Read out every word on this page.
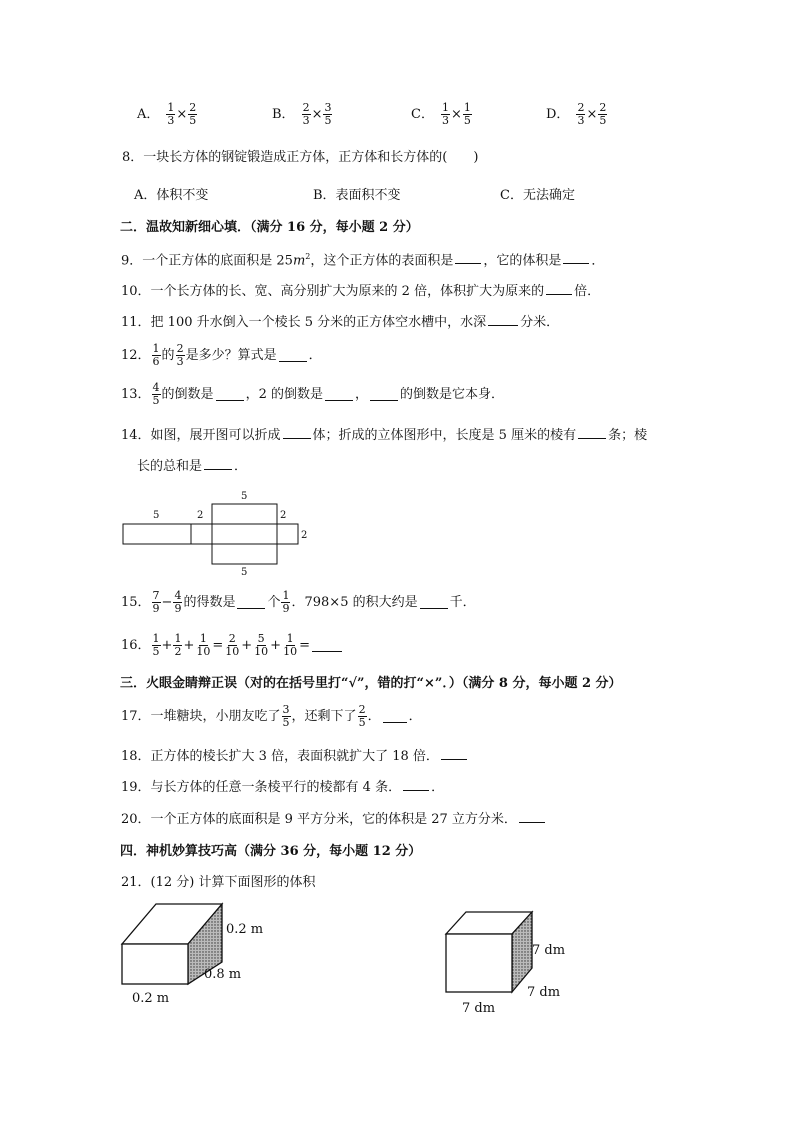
A． $\frac{1}{3} \times \frac{2}{5}$	B． $\frac{2}{3} \times \frac{3}{5}$	C． $\frac{1}{3} \times \frac{1}{5}$	D． $\frac{2}{3} \times \frac{2}{5}$
8．一块长方体的钢锭锻造成正方体，正方体和长方体的(　　)
A．体积不变	B．表面积不变	C．无法确定
二．温故知新细心填．（满分 16 分，每小题 2 分）
9．一个正方体的底面积是 $25m^2$，这个正方体的表面积是 ，它的体积是 ．
10．一个长方体的长、宽、高分别扩大为原来的 2 倍，体积扩大为原来的 倍．
11．把 100 升水倒入一个棱长 5 分米的正方体空水槽中，水深	分米．
12． $\frac{1}{6}$ 的 $\frac{2}{3}$ 是多少？算式是 ．
13． $\frac{4}{5}$ 的倒数是 ，2 的倒数是 ， 的倒数是它本身．
14．如图，展开图可以折成 体；折成的立体图形中，长度是 5 厘米的棱有 条；棱
长的总和是 ．
5
5	2	2
2
5
15． $\frac{7}{9} - \frac{4}{9}$ 的得数是 个 $\frac{1}{9}$ ．798×5 的积大约是 千．
16． $\frac{1}{5} + \frac{1}{2} + \frac{1}{10} = \frac{2}{10} + \frac{5}{10} + \frac{1}{10}$ =
三．火眼金睛辩正误（对的在括号里打“√”，错的打“×”．）（满分 8 分，每小题 2 分）
17．一堆糖块，小朋友吃了 $\frac{3}{5}$ ，还剩下了 $\frac{2}{5}$ ． ．
18．正方体的棱长扩大 3 倍，表面积就扩大了 18 倍．
19．与长方体的任意一条棱平行的棱都有 4 条． ．
20．一个正方体的底面积是 9 平方分米，它的体积是 27 立方分米．
四．神机妙算技巧高（满分 36 分，每小题 12 分）
21．(12 分) 计算下面图形的体积
0.2 m
0.8 m
0.2 m
7 dm
7 dm
7 dm
